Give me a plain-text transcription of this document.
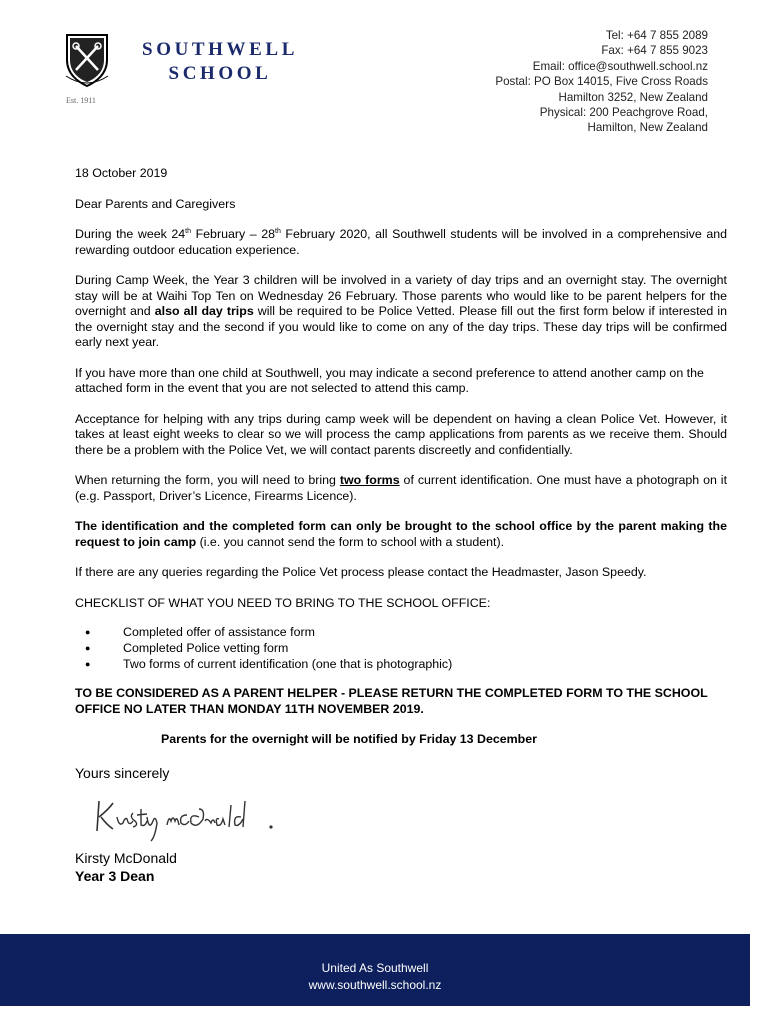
Est. 1911
SOUTHWELL
SCHOOL
Tel: +64 7 855 2089
Fax: +64 7 855 9023
Email: office@southwell.school.nz
Postal: PO Box 14015, Five Cross Roads
Hamilton 3252, New Zealand
Physical: 200 Peachgrove Road,
Hamilton, New Zealand

18 October 2019

Dear Parents and Caregivers

During the week 24th February – 28th February 2020, all Southwell students will be involved in a comprehensive and rewarding outdoor education experience.

During Camp Week, the Year 3 children will be involved in a variety of day trips and an overnight stay. The overnight stay will be at Waihi Top Ten on Wednesday 26 February. Those parents who would like to be parent helpers for the overnight and also all day trips will be required to be Police Vetted. Please fill out the first form below if interested in the overnight stay and the second if you would like to come on any of the day trips. These day trips will be confirmed early next year.

If you have more than one child at Southwell, you may indicate a second preference to attend another camp on the attached form in the event that you are not selected to attend this camp.

Acceptance for helping with any trips during camp week will be dependent on having a clean Police Vet. However, it takes at least eight weeks to clear so we will process the camp applications from parents as we receive them. Should there be a problem with the Police Vet, we will contact parents discreetly and confidentially.

When returning the form, you will need to bring two forms of current identification. One must have a photograph on it (e.g. Passport, Driver’s Licence, Firearms Licence).

The identification and the completed form can only be brought to the school office by the parent making the request to join camp (i.e. you cannot send the form to school with a student).

If there are any queries regarding the Police Vet process please contact the Headmaster, Jason Speedy.

CHECKLIST OF WHAT YOU NEED TO BRING TO THE SCHOOL OFFICE:

● Completed offer of assistance form
● Completed Police vetting form
● Two forms of current identification (one that is photographic)

TO BE CONSIDERED AS A PARENT HELPER - PLEASE RETURN THE COMPLETED FORM TO THE SCHOOL OFFICE NO LATER THAN MONDAY 11TH NOVEMBER 2019.

Parents for the overnight will be notified by Friday 13 December

Yours sincerely

Kirsty McDonald

Year 3 Dean

United As Southwell
www.southwell.school.nz
